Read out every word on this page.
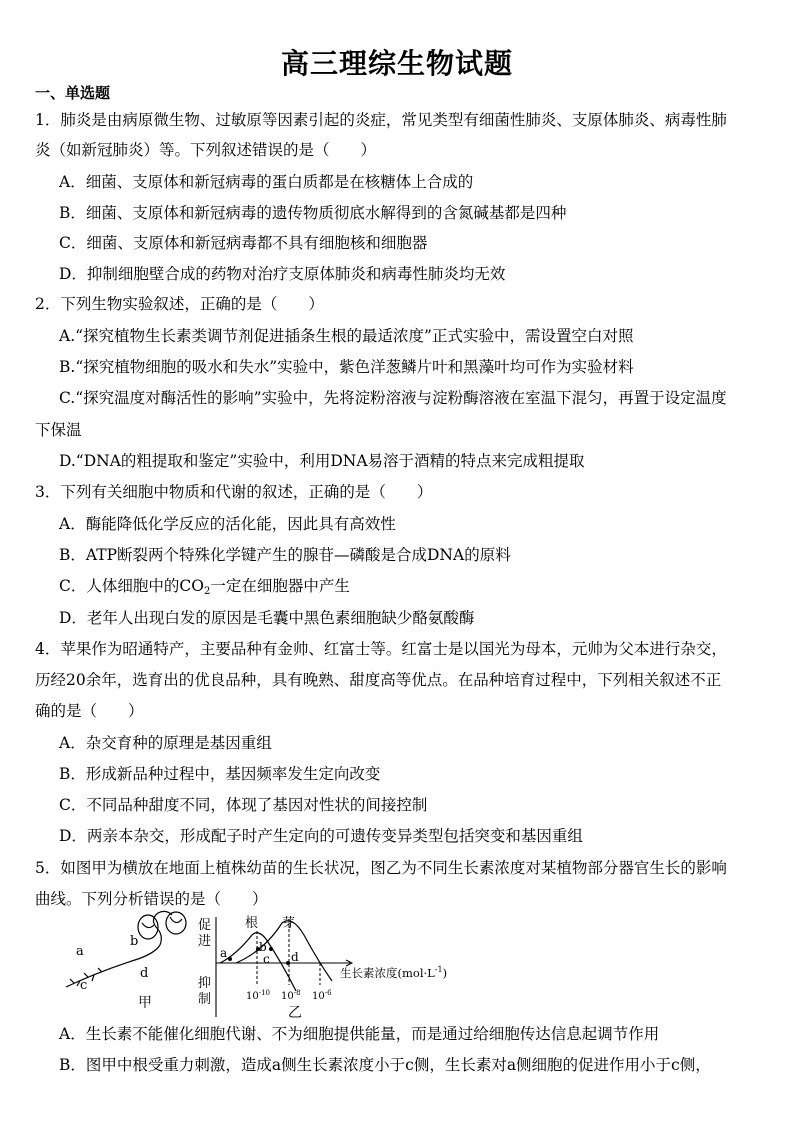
高三理综生物试题
一、单选题
1．肺炎是由病原微生物、过敏原等因素引起的炎症，常见类型有细菌性肺炎、支原体肺炎、病毒性肺
炎（如新冠肺炎）等。下列叙述错误的是（　　）
A．细菌、支原体和新冠病毒的蛋白质都是在核糖体上合成的
B．细菌、支原体和新冠病毒的遗传物质彻底水解得到的含氮碱基都是四种
C．细菌、支原体和新冠病毒都不具有细胞核和细胞器
D．抑制细胞壁合成的药物对治疗支原体肺炎和病毒性肺炎均无效
2．下列生物实验叙述，正确的是（　　）
A.“探究植物生长素类调节剂促进插条生根的最适浓度”正式实验中，需设置空白对照
B.“探究植物细胞的吸水和失水”实验中，紫色洋葱鳞片叶和黑藻叶均可作为实验材料
C.“探究温度对酶活性的影响”实验中，先将淀粉溶液与淀粉酶溶液在室温下混匀，再置于设定温度
下保温
D.“DNA的粗提取和鉴定”实验中，利用DNA易溶于酒精的特点来完成粗提取
3．下列有关细胞中物质和代谢的叙述，正确的是（　　）
A．酶能降低化学反应的活化能，因此具有高效性
B．ATP断裂两个特殊化学键产生的腺苷—磷酸是合成DNA的原料
C．人体细胞中的$CO_2$一定在细胞器中产生
D．老年人出现白发的原因是毛囊中黑色素细胞缺少酪氨酸酶
4．苹果作为昭通特产，主要品种有金帅、红富士等。红富士是以国光为母本，元帅为父本进行杂交，
历经20余年，选育出的优良品种，具有晚熟、甜度高等优点。在品种培育过程中，下列相关叙述不正
确的是（　　）
A．杂交育种的原理是基因重组
B．形成新品种过程中，基因频率发生定向改变
C．不同品种甜度不同，体现了基因对性状的间接控制
D．两亲本杂交，形成配子时产生定向的可遗传变异类型包括突变和基因重组
5．如图甲为横放在地面上植株幼苗的生长状况，图乙为不同生长素浓度对某植物部分器官生长的影响
曲线。下列分析错误的是（　　）
a
b
c
d
甲
促
进
抑
制
根 芽
a	b
c d
生长素浓度$(mol\cdot L^{-1})$
$10^{-10}$ $10^{-8}$ $10^{-6}$
乙
A．生长素不能催化细胞代谢、不为细胞提供能量，而是通过给细胞传达信息起调节作用
B．图甲中根受重力刺激，造成a侧生长素浓度小于c侧，生长素对a侧细胞的促进作用小于c侧，
